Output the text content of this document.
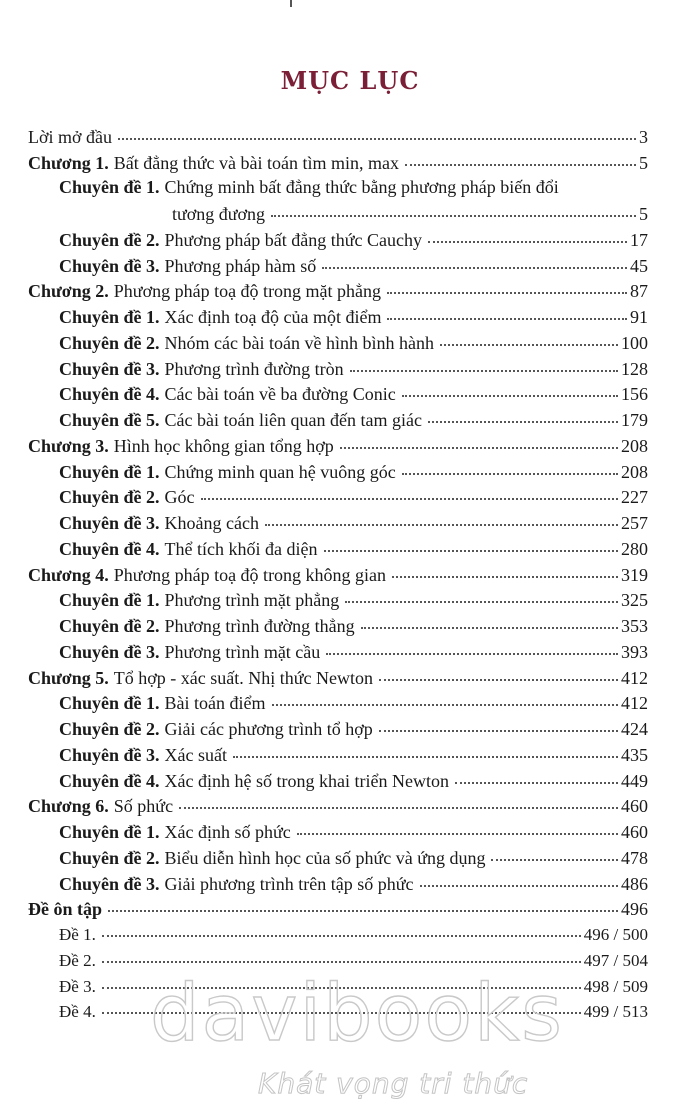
MỤC LỤC
Lời mở đầu	3
Chương 1. Bất đẳng thức và bài toán tìm min, max	5
Chuyên đề 1. Chứng minh bất đẳng thức bằng phương pháp biến đổi
tương đương	5
Chuyên đề 2. Phương pháp bất đẳng thức Cauchy	17
Chuyên đề 3. Phương pháp hàm số	45
Chương 2. Phương pháp toạ độ trong mặt phẳng	87
Chuyên đề 1. Xác định toạ độ của một điểm	91
Chuyên đề 2. Nhóm các bài toán về hình bình hành	100
Chuyên đề 3. Phương trình đường tròn	128
Chuyên đề 4. Các bài toán về ba đường Conic	156
Chuyên đề 5. Các bài toán liên quan đến tam giác	179
Chương 3. Hình học không gian tổng hợp	208
Chuyên đề 1. Chứng minh quan hệ vuông góc	208
Chuyên đề 2. Góc	227
Chuyên đề 3. Khoảng cách	257
Chuyên đề 4. Thể tích khối đa diện	280
Chương 4. Phương pháp toạ độ trong không gian	319
Chuyên đề 1. Phương trình mặt phẳng	325
Chuyên đề 2. Phương trình đường thẳng	353
Chuyên đề 3. Phương trình mặt cầu	393
Chương 5. Tổ hợp - xác suất. Nhị thức Newton	412
Chuyên đề 1. Bài toán điểm	412
Chuyên đề 2. Giải các phương trình tổ hợp	424
Chuyên đề 3. Xác suất	435
Chuyên đề 4. Xác định hệ số trong khai triển Newton	449
Chương 6. Số phức	460
Chuyên đề 1. Xác định số phức	460
Chuyên đề 2. Biểu diễn hình học của số phức và ứng dụng	478
Chuyên đề 3. Giải phương trình trên tập số phức	486
Đề ôn tập	496
Đề 1.	496 / 500
Đề 2.	497 / 504
Đề 3.	498 / 509
Đề 4.	499 / 513
davibooks
Khát vọng tri thức
